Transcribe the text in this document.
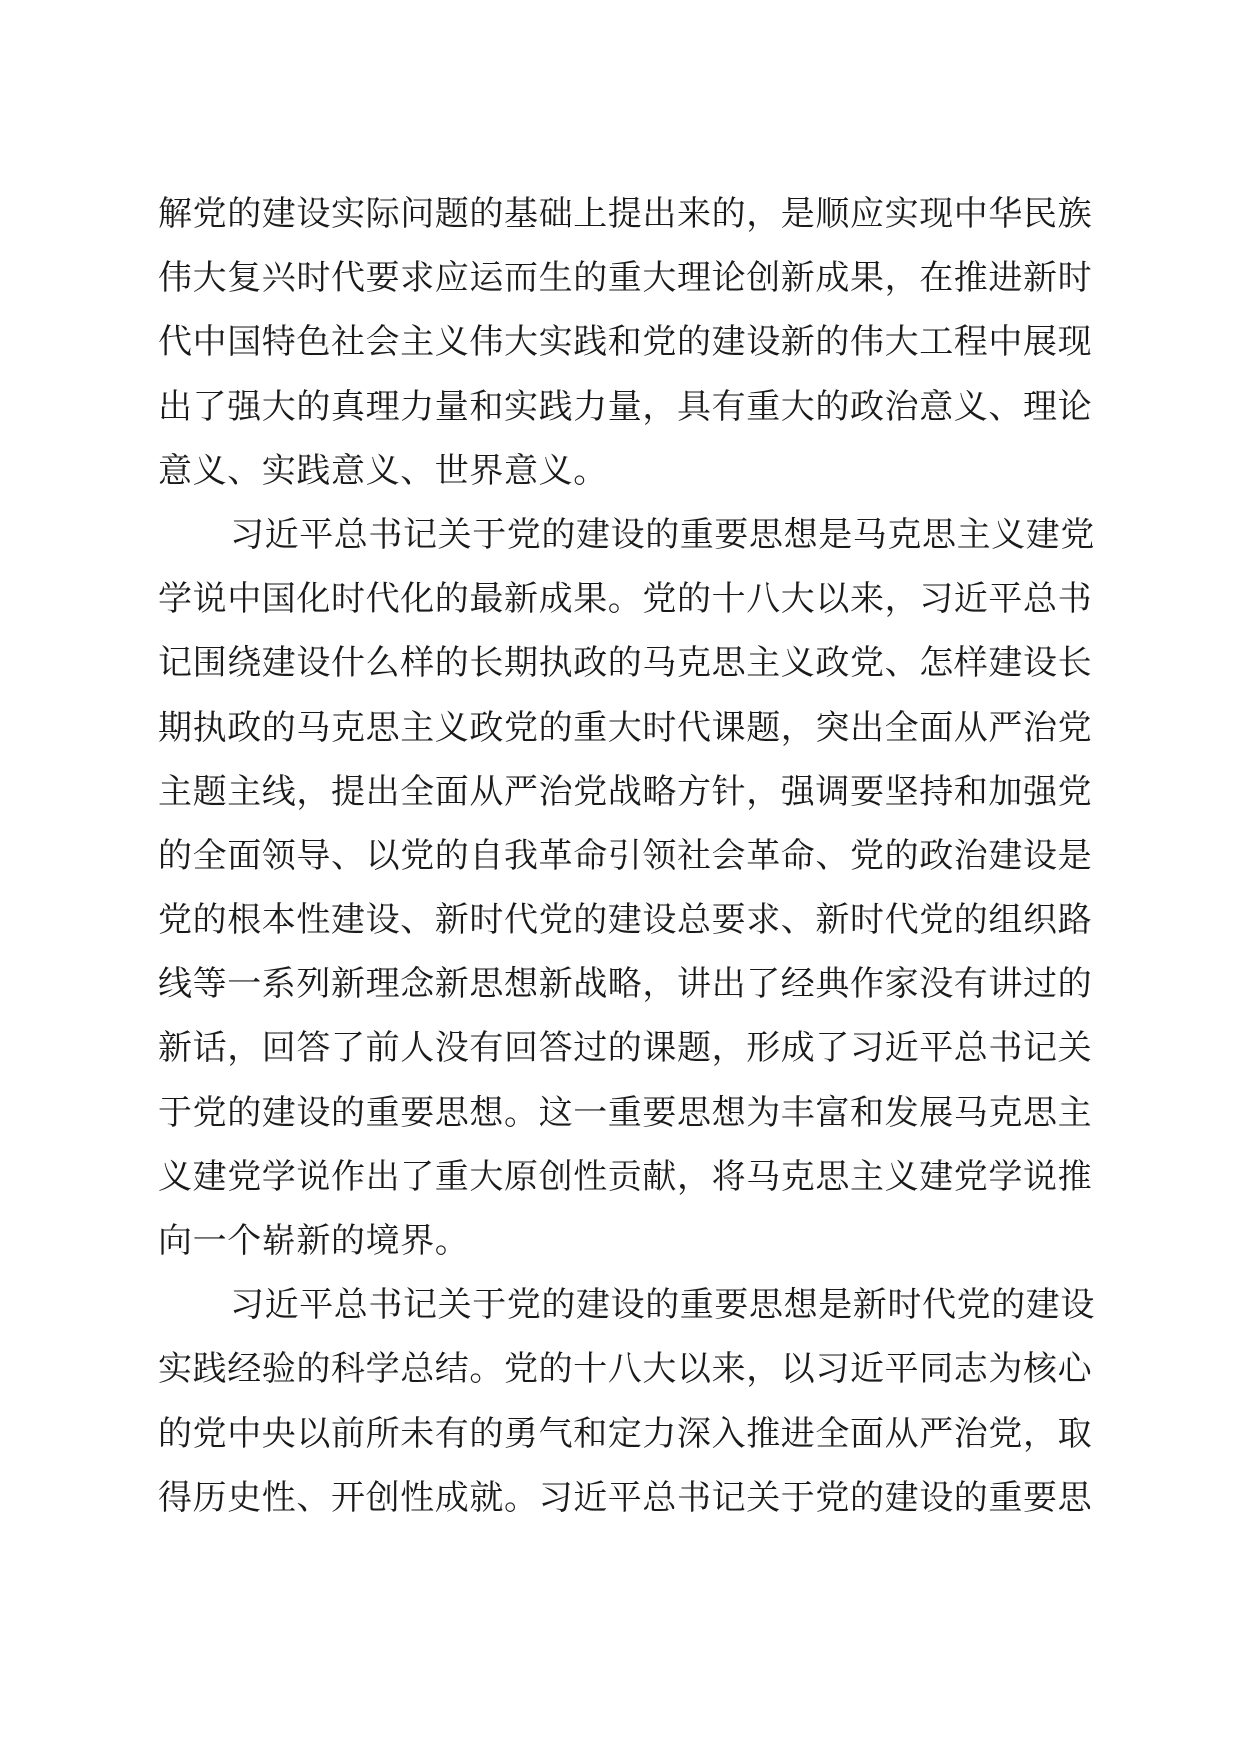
解党的建设实际问题的基础上提出来的，是顺应实现中华民族
伟大复兴时代要求应运而生的重大理论创新成果，在推进新时
代中国特色社会主义伟大实践和党的建设新的伟大工程中展现
出了强大的真理力量和实践力量，具有重大的政治意义、理论
意义、实践意义、世界意义。
习近平总书记关于党的建设的重要思想是马克思主义建党
学说中国化时代化的最新成果。党的十八大以来，习近平总书
记围绕建设什么样的长期执政的马克思主义政党、怎样建设长
期执政的马克思主义政党的重大时代课题，突出全面从严治党
主题主线，提出全面从严治党战略方针，强调要坚持和加强党
的全面领导、以党的自我革命引领社会革命、党的政治建设是
党的根本性建设、新时代党的建设总要求、新时代党的组织路
线等一系列新理念新思想新战略，讲出了经典作家没有讲过的
新话，回答了前人没有回答过的课题，形成了习近平总书记关
于党的建设的重要思想。这一重要思想为丰富和发展马克思主
义建党学说作出了重大原创性贡献，将马克思主义建党学说推
向一个崭新的境界。
习近平总书记关于党的建设的重要思想是新时代党的建设
实践经验的科学总结。党的十八大以来，以习近平同志为核心
的党中央以前所未有的勇气和定力深入推进全面从严治党，取
得历史性、开创性成就。习近平总书记关于党的建设的重要思
